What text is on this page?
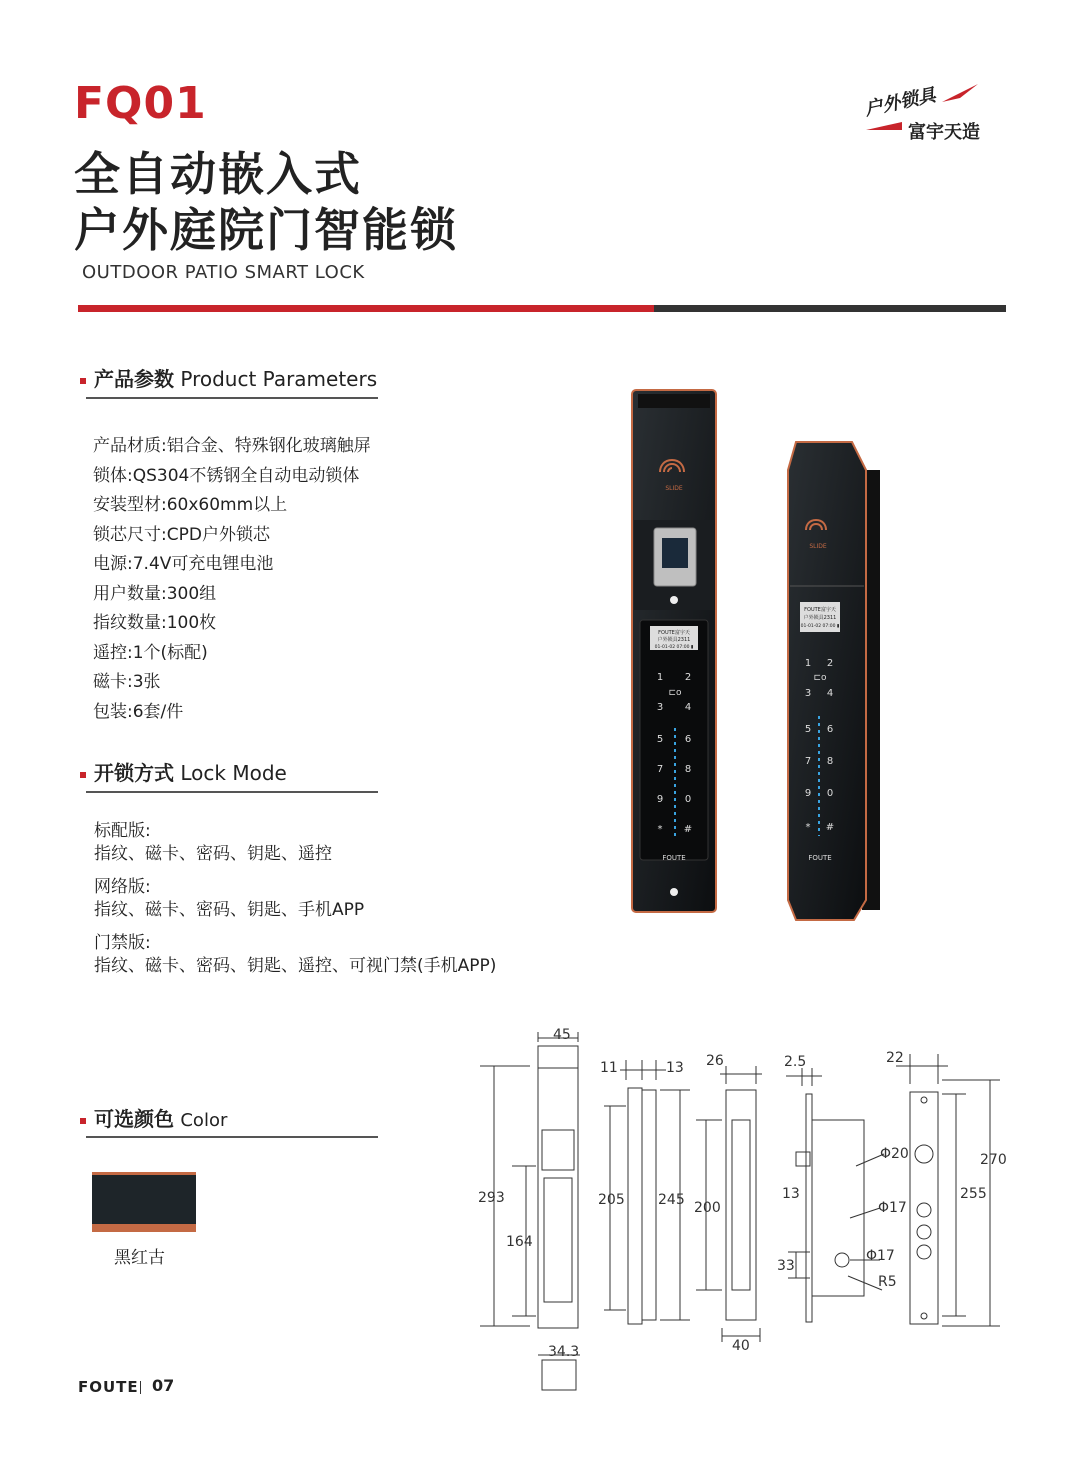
FQ01
全自动嵌入式
户外庭院门智能锁
OUTDOOR PATIO SMART LOCK
户外锁具
富宇天造
产品参数 Product Parameters
产品材质:铝合金、特殊钢化玻璃触屏
锁体:QS304不锈钢全自动电动锁体
安装型材:60x60mm以上
锁芯尺寸:CPD户外锁芯
电源:7.4V可充电锂电池
用户数量:300组
指纹数量:100枚
遥控:1个(标配)
磁卡:3张
包装:6套/件
开锁方式 Lock Mode
标配版:
指纹、磁卡、密码、钥匙、遥控
网络版:
指纹、磁卡、密码、钥匙、手机APP
门禁版:
指纹、磁卡、密码、钥匙、遥控、可视门禁(手机APP)
可选颜色 Color
黑红古
SLIDE
FOUTE富宇天
户外锁具2311
01-01-02 07:00 ▮
1 2
⊏o
3 4
5 6
7 8
9 0
* #
FOUTE
SLIDE
FOUTE富宇天
户外锁具2311
01-01-02 07:00 ▮
1 2
⊏o
3 4
5 6
7 8
9 0
* #
FOUTE
45
293
164
34.3
11	13
205 245
26
200
40
2.5
13
33
22
Φ20
Φ17
Φ17
R5
255
270
FOUTE 07
